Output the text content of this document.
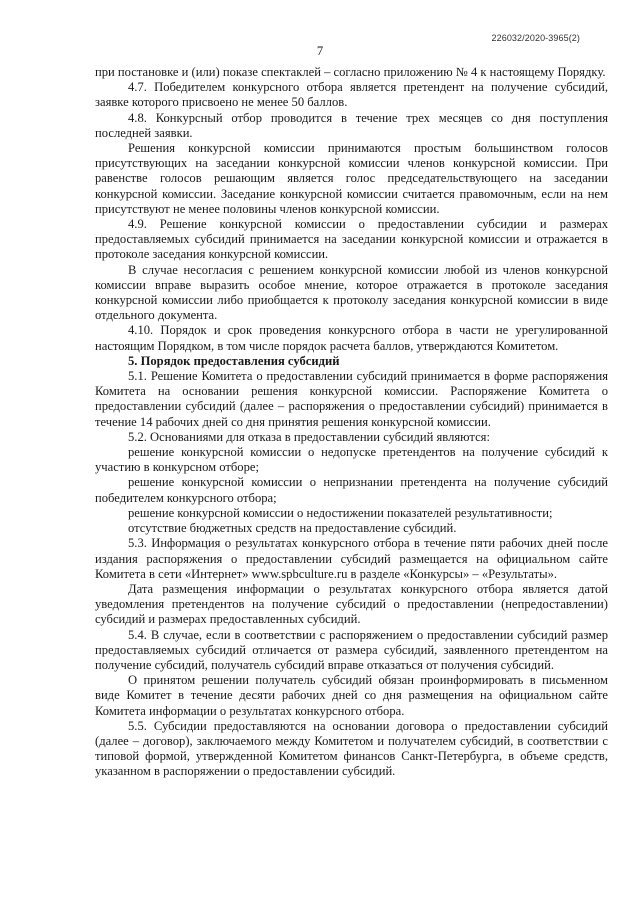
226032/2020-3965(2)
7

при постановке и (или) показе спектаклей – согласно приложению № 4 к настоящему Порядку.

4.7. Победителем конкурсного отбора является претендент на получение субсидий, заявке которого присвоено не менее 50 баллов.

4.8. Конкурсный отбор проводится в течение трех месяцев со дня поступления последней заявки.

Решения конкурсной комиссии принимаются простым большинством голосов присутствующих на заседании конкурсной комиссии членов конкурсной комиссии. При равенстве голосов решающим является голос председательствующего на заседании конкурсной комиссии. Заседание конкурсной комиссии считается правомочным, если на нем присутствуют не менее половины членов конкурсной комиссии.

4.9. Решение конкурсной комиссии о предоставлении субсидии и размерах предоставляемых субсидий принимается на заседании конкурсной комиссии и отражается в протоколе заседания конкурсной комиссии.

В случае несогласия с решением конкурсной комиссии любой из членов конкурсной комиссии вправе выразить особое мнение, которое отражается в протоколе заседания конкурсной комиссии либо приобщается к протоколу заседания конкурсной комиссии в виде отдельного документа.

4.10. Порядок и срок проведения конкурсного отбора в части не урегулированной настоящим Порядком, в том числе порядок расчета баллов, утверждаются Комитетом.

5. Порядок предоставления субсидий

5.1. Решение Комитета о предоставлении субсидий принимается в форме распоряжения Комитета на основании решения конкурсной комиссии. Распоряжение Комитета о предоставлении субсидий (далее – распоряжения о предоставлении субсидий) принимается в течение 14 рабочих дней со дня принятия решения конкурсной комиссии.

5.2. Основаниями для отказа в предоставлении субсидий являются:

решение конкурсной комиссии о недопуске претендентов на получение субсидий к участию в конкурсном отборе;

решение конкурсной комиссии о непризнании претендента на получение субсидий победителем конкурсного отбора;

решение конкурсной комиссии о недостижении показателей результативности;

отсутствие бюджетных средств на предоставление субсидий.

5.3. Информация о результатах конкурсного отбора в течение пяти рабочих дней после издания распоряжения о предоставлении субсидий размещается на официальном сайте Комитета в сети «Интернет» www.spbculture.ru в разделе «Конкурсы» – «Результаты».

Дата размещения информации о результатах конкурсного отбора является датой уведомления претендентов на получение субсидий о предоставлении (непредоставлении) субсидий и размерах предоставленных субсидий.

5.4. В случае, если в соответствии с распоряжением о предоставлении субсидий размер предоставляемых субсидий отличается от размера субсидий, заявленного претендентом на получение субсидий, получатель субсидий вправе отказаться от получения субсидий.

О принятом решении получатель субсидий обязан проинформировать в письменном виде Комитет в течение десяти рабочих дней со дня размещения на официальном сайте Комитета информации о результатах конкурсного отбора.

5.5. Субсидии предоставляются на основании договора о предоставлении субсидий (далее – договор), заключаемого между Комитетом и получателем субсидий, в соответствии с типовой формой, утвержденной Комитетом финансов Санкт-Петербурга, в объеме средств, указанном в распоряжении о предоставлении субсидий.
